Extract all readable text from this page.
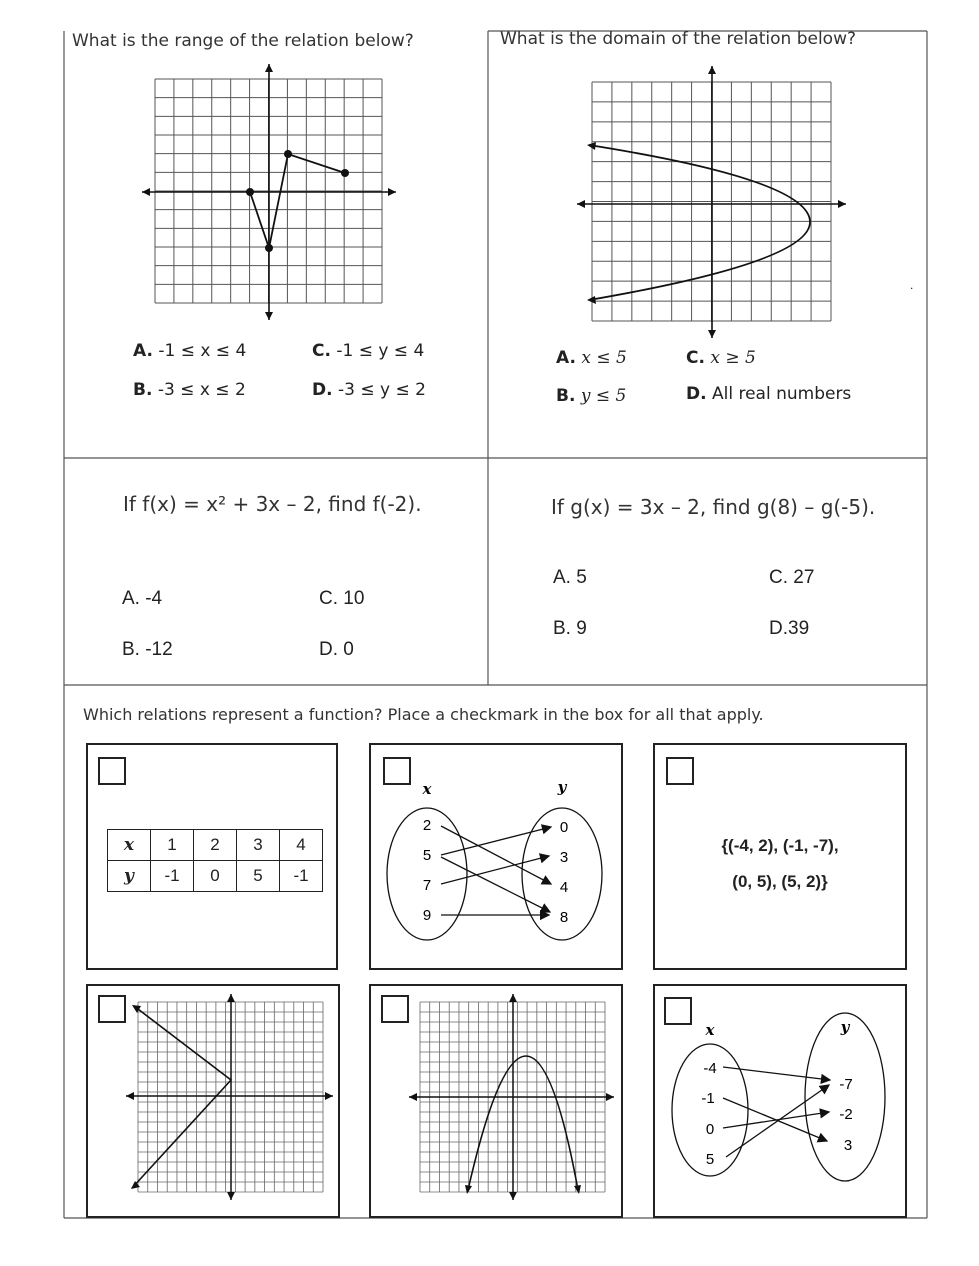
What is the range of the relation below?
A. -1 ≤ x ≤ 4
B. -3 ≤ x ≤ 2
C. -1 ≤ y ≤ 4
D. -3 ≤ y ≤ 2
What is the domain of the relation below?
.
A. x ≤ 5
B. y ≤ 5
C. x ≥ 5
D. All real numbers
If f(x) = x² + 3x – 2, find f(-2).
A. -4
B. -12
C. 10
D. 0
If g(x) = 3x – 2, find g(8) – g(-5).
A. 5
B. 9
C. 27
D.39
Which relations represent a function? Place a checkmark in the box for all that apply.
x	1	2	3	4
y	-1	0	5	-1
x	y
2
5
7
9
0
3
4
8
{(-4, 2), (-1, -7),
(0, 5), (5, 2)}
x	y
-4
-1
0
5
-7
-2
3
